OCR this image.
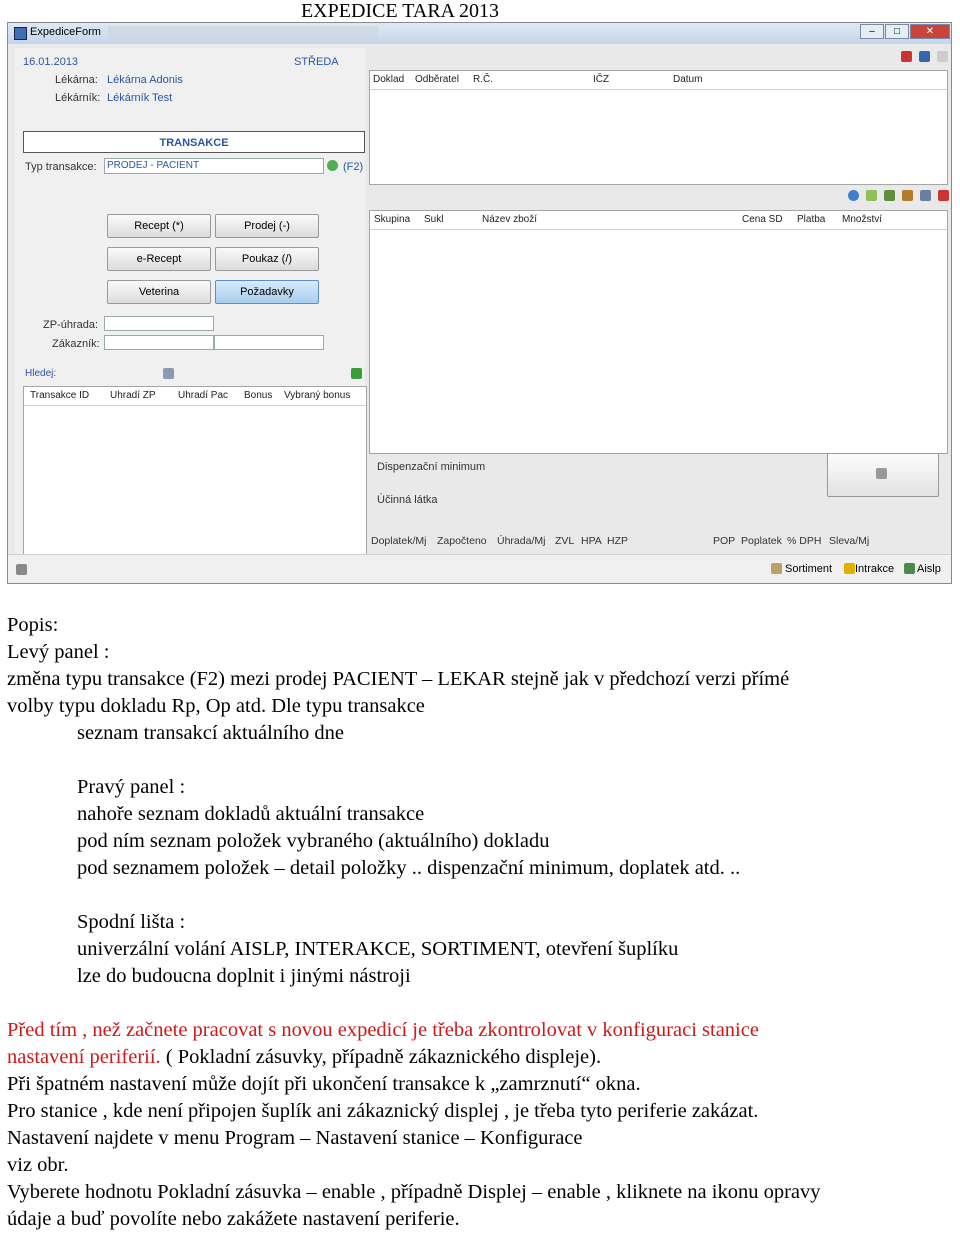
EXPEDICE TARA 2013
ExpediceForm	–	□	✕
16.01.2013	STŘEDA
Lékárna: Lékárna Adonis
Lékárník: Lékárník Test
TRANSAKCE
Typ transakce:	PRODEJ - PACIENT	(F2)
Recept (*)	Prodej (-)
e-Recept	Poukaz (/)
Veterina	Požadavky
ZP-úhrada:
Zákazník:
Hledej:
Transakce ID Uhradí ZP Uhradí Pac Bonus Vybraný bonus
Doklad Odběratel R.Č.	IČZ	Datum
Skupina Sukl	Název zboží	Cena SD Platba Množství
Dispenzační minimum
Účinná látka
Doplatek/Mj Započteno Úhrada/Mj ZVL HPA HZP	POP Poplatek % DPH Sleva/Mj
Sortiment Intrakce Aislp

Popis:

Levý panel :

změna typu transakce (F2) mezi prodej PACIENT – LEKAR stejně jak v předchozí verzi přímé

volby typu dokladu Rp, Op atd. Dle typu transakce

seznam transakcí aktuálního dne

Pravý panel :

nahoře seznam dokladů aktuální transakce

pod ním seznam položek vybraného (aktuálního) dokladu

pod seznamem položek – detail položky .. dispenzační minimum, doplatek atd. ..

Spodní lišta :

univerzální volání AISLP, INTERAKCE, SORTIMENT, otevření šuplíku

lze do budoucna doplnit i jinými nástroji

Před tím , než začnete pracovat s novou expedicí je třeba zkontrolovat v konfiguraci stanice

nastavení periferií. ( Pokladní zásuvky, případně zákaznického displeje).

Při špatném nastavení může dojít při ukončení transakce k „zamrznutí“ okna.

Pro stanice , kde není připojen šuplík ani zákaznický displej , je třeba tyto periferie zakázat.

Nastavení najdete v menu Program – Nastavení stanice – Konfigurace

viz obr.

Vyberete hodnotu Pokladní zásuvka – enable , případně Displej – enable , kliknete na ikonu opravy

údaje a buď povolíte nebo zakážete nastavení periferie.
